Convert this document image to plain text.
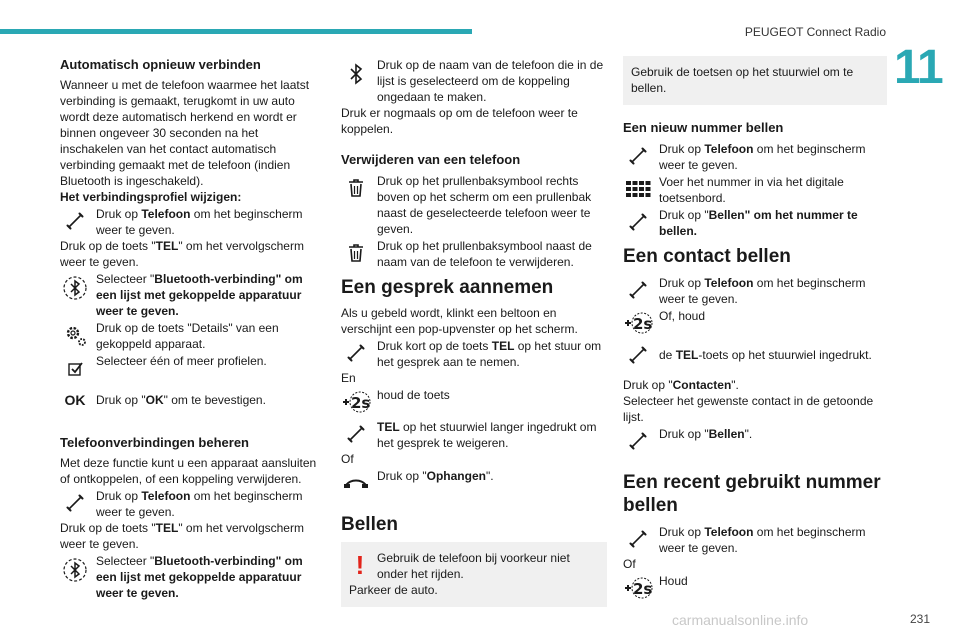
PEUGEOT Connect Radio
11
carmanualsonline.info	231
Automatisch opnieuw verbinden

Wanneer u met de telefoon waarmee het laatst verbinding is gemaakt, terugkomt in uw auto wordt deze automatisch herkend en wordt er binnen ongeveer 30 seconden na het inschakelen van het contact automatisch verbinding gemaakt met de telefoon (indien Bluetooth is ingeschakeld).

Het verbindingsprofiel wijzigen:

Druk op Telefoon om het beginscherm weer te geven.

Druk op de toets "TEL" om het vervolgscherm weer te geven.

Selecteer "Bluetooth-verbinding" om een lijst met gekoppelde apparatuur weer te geven.
Druk op de toets "Details" van een gekoppeld apparaat.
Selecteer één of meer profielen.
OK Druk op "OK" om te bevestigen.
Telefoonverbindingen beheren

Met deze functie kunt u een apparaat aansluiten of ontkoppelen, of een koppeling verwijderen.

Druk op Telefoon om het beginscherm weer te geven.

Druk op de toets "TEL" om het vervolgscherm weer te geven.

Selecteer "Bluetooth-verbinding" om een lijst met gekoppelde apparatuur weer te geven.
Druk op de naam van de telefoon die in de lijst is geselecteerd om de koppeling ongedaan te maken.

Druk er nogmaals op om de telefoon weer te koppelen.

Verwijderen van een telefoon
Druk op het prullenbaksymbool rechts boven op het scherm om een prullenbak naast de geselecteerde telefoon weer te geven.
Druk op het prullenbaksymbool naast de naam van de telefoon te verwijderen.
Een gesprek aannemen

Als u gebeld wordt, klinkt een beltoon en verschijnt een pop-upvenster op het scherm.

Druk kort op de toets TEL op het stuur om het gesprek aan te nemen.

En

2s houd de toets
TEL op het stuurwiel langer ingedrukt om het gesprek te weigeren.

Of

Druk op "Ophangen".
Bellen
!	Gebruik de telefoon bij voorkeur niet onder het rijden.

Parkeer de auto.

Gebruik de toetsen op het stuurwiel om te bellen.

Een nieuw nummer bellen
Druk op Telefoon om het beginscherm weer te geven.
Voer het nummer in via het digitale toetsenbord.
Druk op "Bellen" om het nummer te bellen.
Een contact bellen
Druk op Telefoon om het beginscherm weer te geven.
2s Of, houd
de TEL-toets op het stuurwiel ingedrukt.

Druk op "Contacten".

Selecteer het gewenste contact in de getoonde lijst.

Druk op "Bellen".
Een recent gebruikt nummer bellen
Druk op Telefoon om het beginscherm weer te geven.

Of

2s Houd
